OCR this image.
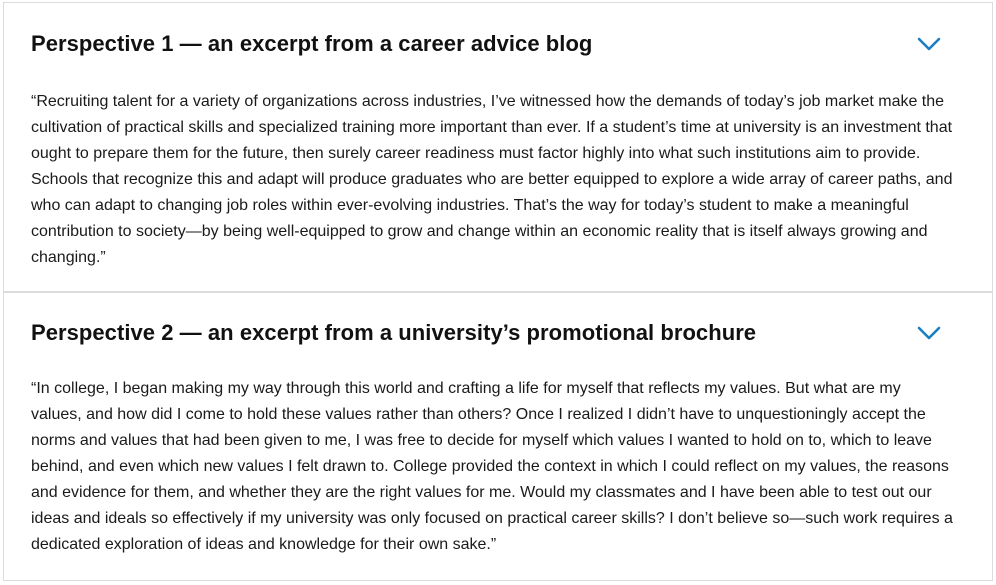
Perspective 1 — an excerpt from a career advice blog

“Recruiting talent for a variety of organizations across industries, I’ve witnessed how the demands of today’s job market make the cultivation of practical skills and specialized training more important than ever. If a student’s time at university is an investment that ought to prepare them for the future, then surely career readiness must factor highly into what such institutions aim to provide. Schools that recognize this and adapt will produce graduates who are better equipped to explore a wide array of career paths, and who can adapt to changing job roles within ever-evolving industries. That’s the way for today’s student to make a meaningful contribution to society—by being well-equipped to grow and change within an economic reality that is itself always growing and changing.”

Perspective 2 — an excerpt from a university’s promotional brochure

“In college, I began making my way through this world and crafting a life for myself that reflects my values. But what are my values, and how did I come to hold these values rather than others? Once I realized I didn’t have to unquestioningly accept the norms and values that had been given to me, I was free to decide for myself which values I wanted to hold on to, which to leave behind, and even which new values I felt drawn to. College provided the context in which I could reflect on my values, the reasons and evidence for them, and whether they are the right values for me. Would my classmates and I have been able to test out our ideas and ideals so effectively if my university was only focused on practical career skills? I don’t believe so—such work requires a dedicated exploration of ideas and knowledge for their own sake.”
